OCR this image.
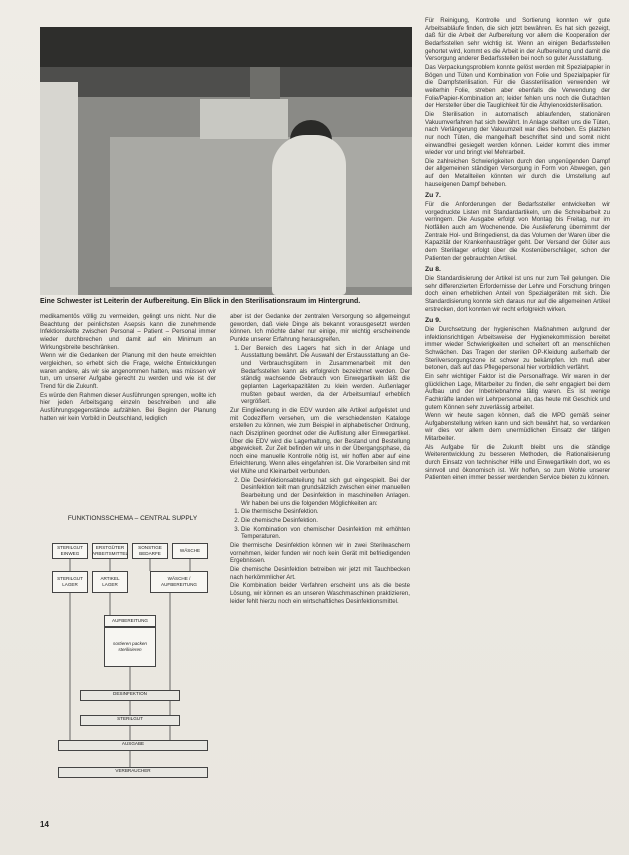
Eine Schwester ist Leiterin der Aufbereitung. Ein Blick in den Sterilisationsraum im Hintergrund.

medikamentös völlig zu vermeiden, gelingt uns nicht. Nur die Beachtung der peinlichsten Asepsis kann die zunehmende Infektionskette zwischen Personal – Patient – Personal immer wieder durchbrechen und damit auf ein Minimum an Wirkungsbreite beschränken.

Wenn wir die Gedanken der Planung mit den heute erreichten vergleichen, so erhebt sich die Frage, welche Entwicklungen waren andere, als wir sie angenommen hatten, was müssen wir tun, um unserer Aufgabe gerecht zu werden und wie ist der Trend für die Zukunft.

Es würde den Rahmen dieser Ausführungen sprengen, wollte ich hier jeden Arbeitsgang einzeln beschreiben und alle Ausführungsgegenstände aufzählen. Bei Beginn der Planung hatten wir kein Vorbild in Deutschland, lediglich

FUNKTIONSSCHEMA – CENTRAL SUPPLY
STERILGUT EINWEG
ERSTGÜTER ARBEITSMITTEL
SONSTIGE BEDARFE
WÄSCHE
STERILGUT LAGER
ARTIKEL LAGER
WÄSCHE / AUFBEREITUNG
AUFBEREITUNG
sortieren packen sterilisieren
DESINFEKTION
STERILGUT
AUSGABE
VERBRAUCHER

aber ist der Gedanke der zentralen Versorgung so allgemeingut geworden, daß viele Dinge als bekannt vorausgesetzt werden können. Ich möchte daher nur einige, mir wichtig erscheinende Punkte unserer Erfahrung herausgreifen.

1. Der Bereich des Lagers hat sich in der Anlage und Ausstattung bewährt. Die Auswahl der Erstausstattung an Ge- und Verbrauchsgütern in Zusammenarbeit mit den Bedarfsstellen kann als erfolgreich bezeichnet werden. Der ständig wachsende Gebrauch von Einwegartikeln läßt die geplanten Lagerkapazitäten zu klein werden. Außenlager mußten gebaut werden, da der Arbeitsumlauf erheblich vergrößert.

Zur Eingliederung in die EDV wurden alle Artikel aufgelistet und mit Codeziffern versehen, um die verschiedensten Kataloge erstellen zu können, wie zum Beispiel in alphabetischer Ordnung, nach Disziplinen geordnet oder die Auflistung aller Einwegartikel. Über die EDV wird die Lagerhaltung, der Bestand und Bestellung abgewickelt. Zur Zeit befinden wir uns in der Übergangsphase, da noch eine manuelle Kontrolle nötig ist, wir hoffen aber auf eine Erleichterung. Wenn alles eingefahren ist. Die Vorarbeiten sind mit viel Mühe und Kleinarbeit verbunden.

2. Die Desinfektionsabteilung hat sich gut eingespielt. Bei der Desinfektion teilt man grundsätzlich zwischen einer manuellen Bearbeitung und der Desinfektion in maschinellen Anlagen. Wir haben bei uns die folgenden Möglichkeiten an:
1. Die thermische Desinfektion.
2. Die chemische Desinfektion.
3. Die Kombination von chemischer Desinfektion mit erhöhten Temperaturen.

Die thermische Desinfektion können wir in zwei Sterilwaschern vornehmen, leider funden wir noch kein Gerät mit befriedigenden Ergebnissen.

Die chemische Desinfektion betreiben wir jetzt mit Tauchbecken nach herkömmlicher Art.

Die Kombination beider Verfahren erscheint uns als die beste Lösung, wir können es an unseren Waschmaschinen praktizieren, leider fehlt hierzu noch ein wirtschaftliches Desinfektionsmittel.

Für Reinigung, Kontrolle und Sortierung konnten wir gute Arbeitsabläufe finden, die sich jetzt bewähren. Es hat sich gezeigt, daß für die Arbeit der Aufbereitung vor allem die Kooperation der Bedarfsstellen sehr wichtig ist. Wenn an einigen Bedarfsstellen gehortet wird, kommt es die Arbeit in der Aufbereitung und damit die Versorgung anderer Bedarfsstellen bei noch so guter Ausstattung.

Das Verpackungsproblem konnte gelöst werden mit Spezialpapier in Bögen und Tüten und Kombination von Folie und Spezialpapier für die Dampfsterilisation. Für die Gassterilisation verwenden wir weiterhin Folie, streben aber ebenfalls die Verwendung der Folie/Papier-Kombination an; leider fehlen uns noch die Gutachten der Hersteller über die Tauglichkeit für die Äthylenoxidsterilisation.

Die Sterilisation in automatisch ablaufenden, stationären Vakuumverfahren hat sich bewährt. In Anlage stellten uns die Tüten, nach Verlängerung der Vakuumzeit war dies behoben. Es platzten nur noch Tüten, die mangelhaft beschriftet sind und somit nicht einwandfrei gesiegelt werden können. Leider kommt dies immer wieder vor und bringt viel Mehrarbeit.

Die zahlreichen Schwierigkeiten durch den ungenügenden Dampf der allgemeinen ständigen Versorgung in Form von Abwegen, gen auf den Metallteilen könnten wir durch die Umstellung auf hauseigenen Dampf beheben.

Zu 7.

Für die Anforderungen der Bedarfssteller entwickelten wir vorgedruckte Listen mit Standardartikeln, um die Schreibarbeit zu verringern. Die Ausgabe erfolgt von Montag bis Freitag, nur im Notfällen auch am Wochenende. Die Auslieferung übernimmt der Zentrale Hol- und Bringedienst, da das Volumen der Waren über die Kapazität der Krankenhausträger geht. Der Versand der Güter aus dem Sterillager erfolgt über die Kostenüberschläger, schon der Patienten der gebrauchten Artikel.

Zu 8.

Die Standardisierung der Artikel ist uns nur zum Teil gelungen. Die sehr differenzierten Erfordernisse der Lehre und Forschung bringen doch einen erheblichen Anteil von Spezialgeräten mit sich. Die Standardisierung konnte sich daraus nur auf die allgemeinen Artikel erstrecken, dort konnten wir recht erfolgreich wirken.

Zu 9.

Die Durchsetzung der hygienischen Maßnahmen aufgrund der infektionsrichtigen Arbeitsweise der Hygienekommission bereitet immer wieder Schwierigkeiten und scheitert oft an menschlichen Schwächen. Das Tragen der sterilen OP-Kleidung außerhalb der Sterilversorgungszone ist schwer zu bekämpfen. Ich muß aber betonen, daß auf das Pflegepersonal hier vorbildlich verfährt.

Ein sehr wichtiger Faktor ist die Personalfrage. Wir waren in der glücklichen Lage, Mitarbeiter zu finden, die sehr engagiert bei dem Aufbau und der Inbetriebnahme tätig waren. Es ist wenige Fachkräfte landen wir Lehrpersonal an, das heute mit Geschick und gutem Können sehr zuverlässig arbeitet.

Wenn wir heute sagen können, daß die MPD gemäß seiner Aufgabenstellung wirken kann und sich bewährt hat, so verdanken wir dies vor allem dem unermüdlichen Einsatz der tätigen Mitarbeiter.

Als Aufgabe für die Zukunft bleibt uns die ständige Weiterentwicklung zu besseren Methoden, die Rationalisierung durch Einsatz von technischer Hilfe und Einwegartikeln dort, wo es sinnvoll und ökonomisch ist. Wir hoffen, so zum Wohle unserer Patienten einen immer besser werdenden Service bieten zu können.

14
